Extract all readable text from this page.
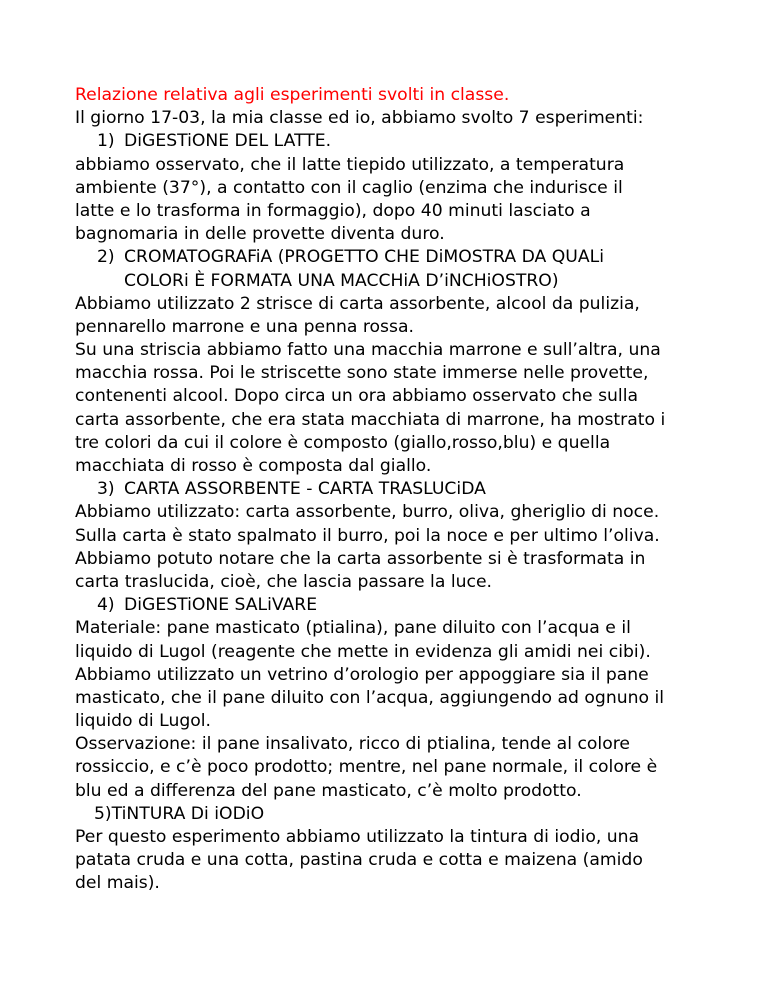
Relazione relativa agli esperimenti svolti in classe.
Il giorno 17-03, la mia classe ed io, abbiamo svolto 7 esperimenti:
1) DiGESTiONE DEL LATTE.
abbiamo osservato, che il latte tiepido utilizzato, a temperatura
ambiente (37°), a contatto con il caglio (enzima che indurisce il
latte e lo trasforma in formaggio), dopo 40 minuti lasciato a
bagnomaria in delle provette diventa duro.
2) CROMATOGRAFiA (PROGETTO CHE DiMOSTRA DA QUALi
COLORi È FORMATA UNA MACCHiA D’iNCHiOSTRO)
Abbiamo utilizzato 2 strisce di carta assorbente, alcool da pulizia,
pennarello marrone e una penna rossa.
Su una striscia abbiamo fatto una macchia marrone e sull’altra, una
macchia rossa. Poi le striscette sono state immerse nelle provette,
contenenti alcool. Dopo circa un ora abbiamo osservato che sulla
carta assorbente, che era stata macchiata di marrone, ha mostrato i
tre colori da cui il colore è composto (giallo,rosso,blu) e quella
macchiata di rosso è composta dal giallo.
3) CARTA ASSORBENTE - CARTA TRASLUCiDA
Abbiamo utilizzato: carta assorbente, burro, oliva, gheriglio di noce.
Sulla carta è stato spalmato il burro, poi la noce e per ultimo l’oliva.
Abbiamo potuto notare che la carta assorbente si è trasformata in
carta traslucida, cioè, che lascia passare la luce.
4) DiGESTiONE SALiVARE
Materiale: pane masticato (ptialina), pane diluito con l’acqua e il
liquido di Lugol (reagente che mette in evidenza gli amidi nei cibi).
Abbiamo utilizzato un vetrino d’orologio per appoggiare sia il pane
masticato, che il pane diluito con l’acqua, aggiungendo ad ognuno il
liquido di Lugol.
Osservazione: il pane insalivato, ricco di ptialina, tende al colore
rossiccio, e c’è poco prodotto; mentre, nel pane normale, il colore è
blu ed a differenza del pane masticato, c’è molto prodotto.
5)TiNTURA Di iODiO
Per questo esperimento abbiamo utilizzato la tintura di iodio, una
patata cruda e una cotta, pastina cruda e cotta e maizena (amido
del mais).
